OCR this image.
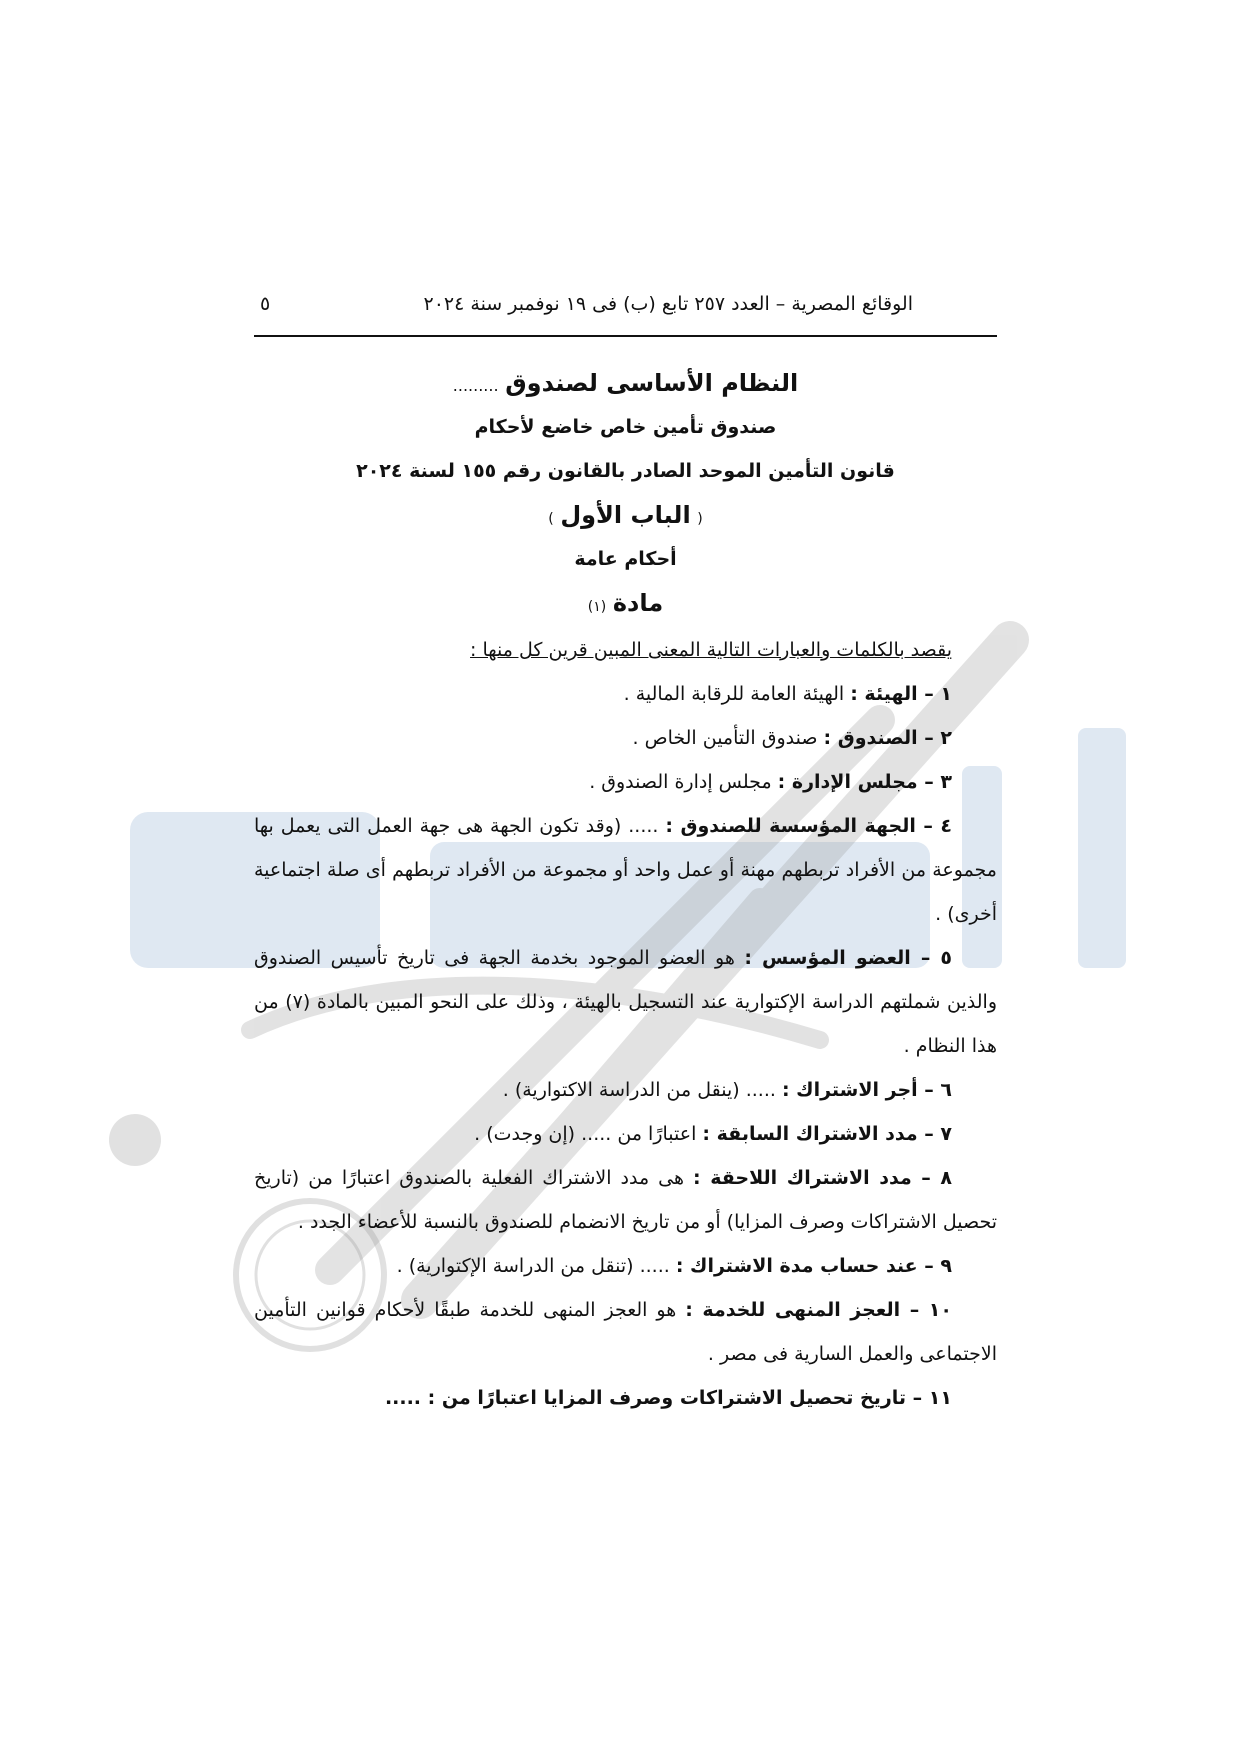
الوقائع المصرية – العدد ٢٥٧ تابع (ب) فى ١٩ نوفمبر سنة ٢٠٢٤
٥

النظام الأساسى لصندوق .........

صندوق تأمين خاص خاضع لأحكام

قانون التأمين الموحد الصادر بالقانون رقم ١٥٥ لسنة ٢٠٢٤

( الباب الأول )

أحكام عامة

مادة (١)

يقصد بالكلمات والعبارات التالية المعنى المبين قرين كل منها :

١ – الهيئة : الهيئة العامة للرقابة المالية .

٢ – الصندوق : صندوق التأمين الخاص .

٣ – مجلس الإدارة : مجلس إدارة الصندوق .

٤ – الجهة المؤسسة للصندوق : ..... (وقد تكون الجهة هى جهة العمل التى يعمل بها مجموعة من الأفراد تربطهم مهنة أو عمل واحد أو مجموعة من الأفراد تربطهم أى صلة اجتماعية أخرى) .

٥ – العضو المؤسس : هو العضو الموجود بخدمة الجهة فى تاريخ تأسيس الصندوق والذين شملتهم الدراسة الإكتوارية عند التسجيل بالهيئة ، وذلك على النحو المبين بالمادة (٧) من هذا النظام .

٦ – أجر الاشتراك : ..... (ينقل من الدراسة الاكتوارية) .

٧ – مدد الاشتراك السابقة : اعتبارًا من ..... (إن وجدت) .

٨ – مدد الاشتراك اللاحقة : هى مدد الاشتراك الفعلية بالصندوق اعتبارًا من (تاريخ تحصيل الاشتراكات وصرف المزايا) أو من تاريخ الانضمام للصندوق بالنسبة للأعضاء الجدد .

٩ – عند حساب مدة الاشتراك : ..... (تنقل من الدراسة الإكتوارية) .

١٠ – العجز المنهى للخدمة : هو العجز المنهى للخدمة طبقًا لأحكام قوانين التأمين الاجتماعى والعمل السارية فى مصر .

١١ – تاريخ تحصيل الاشتراكات وصرف المزايا اعتبارًا من : .....
